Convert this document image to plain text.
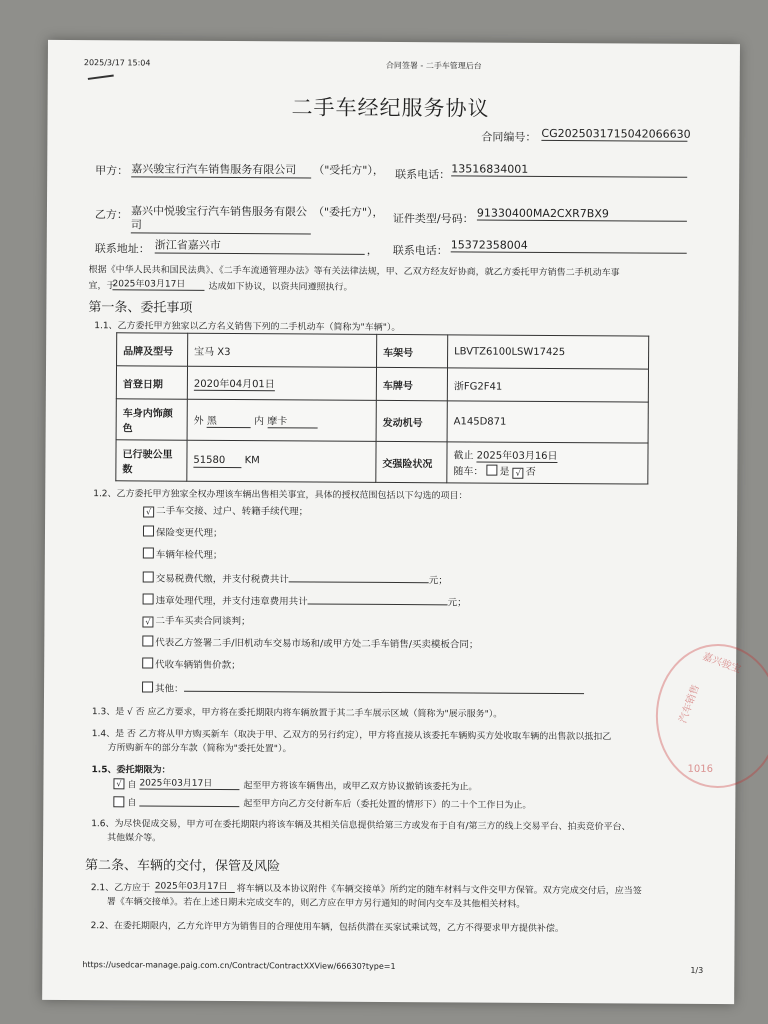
2025/3/17 15:04	合同签署 - 二手车管理后台
二手车经纪服务协议
合同编号： CG2025031715042066630
甲方： 嘉兴骏宝行汽车销售服务有限公司	（"受托方"）， 联系电话： 13516834001
乙方： 嘉兴中悦骏宝行汽车销售服务有限公司
（"委托方"）， 证件类型/号码： 91330400MA2CXR7BX9
联系地址： 浙江省嘉兴市	， 联系电话： 15372358004
根据《中华人民共和国民法典》、《二手车流通管理办法》等有关法律法规，甲、乙双方经友好协商，就乙方委托甲方销售二手机动车事
宜，于
2025年03月17日	达成如下协议，以资共同遵照执行。
第一条、委托事项
1.1、乙方委托甲方独家以乙方名义销售下列的二手机动车（简称为"车辆"）。
品牌及型号	宝马 X3	车架号	LBVTZ6100LSW17425
首登日期	2020年04月01日	车牌号	浙FG2F41
车身内饰颜色	外 黑 内 摩卡	发动机号	A145D871
已行驶公里数	51580 KM	交强险状况	截止 2025年03月16日
随车： 是 √ 否
1.2、乙方委托甲方独家全权办理该车辆出售相关事宜，具体的授权范围包括以下勾选的项目：
√ 二手车交接、过户、转籍手续代理；
保险变更代理；
车辆年检代理；
交易税费代缴，并支付税费共计	元；
违章处理代理，并支付违章费用共计	元；
√ 二手车买卖合同谈判；
代表乙方签署二手/旧机动车交易市场和/或甲方处二手车销售/买卖模板合同；
代收车辆销售价款；
其他：
1.3、是 √ 否 应乙方要求，甲方将在委托期限内将车辆放置于其二手车展示区域（简称为"展示服务"）。
1.4、是 否 乙方将从甲方购买新车（取决于甲、乙双方的另行约定），甲方将直接从该委托车辆购买方处收取车辆的出售款以抵扣乙
方所购新车的部分车款（简称为"委托处置"）。
1.5、委托期限为：
√ 自 2025年03月17日	起至甲方将该车辆售出，或甲乙双方协议撤销该委托为止。
自	起至甲方向乙方交付新车后（委托处置的情形下）的二十个工作日为止。
1.6、为尽快促成交易，甲方可在委托期限内将该车辆及其相关信息提供给第三方或发布于自有/第三方的线上交易平台、拍卖竞价平台、
其他媒介等。
第二条、车辆的交付，保管及风险
2.1、乙方应于 2025年03月17日	将车辆以及本协议附件《车辆交接单》所约定的随车材料与文件交甲方保管。双方完成交付后，应当签
署《车辆交接单》。若在上述日期未完成交车的，则乙方应在甲方另行通知的时间内交车及其他相关材料。
2.2、在委托期限内，乙方允许甲方为销售目的合理使用车辆，包括供潜在买家试乘试驾，乙方不得要求甲方提供补偿。
https://usedcar-manage.paig.com.cn/Contract/ContractXXView/66630?type=1	1/3
嘉兴骏宝
汽车销售
1016
